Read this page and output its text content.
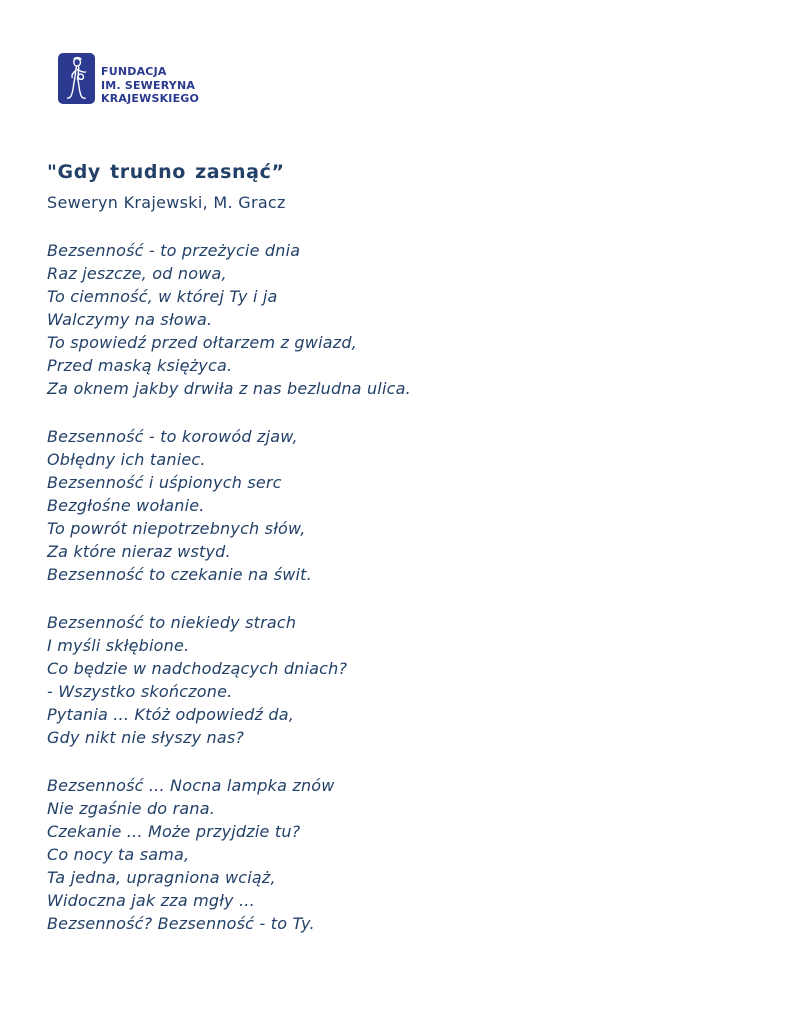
FUNDACJA
IM. SEWERYNA
KRAJEWSKIEGO
"Gdy trudno zasnąć”
Seweryn Krajewski, M. Gracz
Bezsenność - to przeżycie dnia
Raz jeszcze, od nowa,
To ciemność, w której Ty i ja
Walczymy na słowa.
To spowiedź przed ołtarzem z gwiazd,
Przed maską księżyca.
Za oknem jakby drwiła z nas bezludna ulica.
Bezsenność - to korowód zjaw,
Obłędny ich taniec.
Bezsenność i uśpionych serc
Bezgłośne wołanie.
To powrót niepotrzebnych słów,
Za które nieraz wstyd.
Bezsenność to czekanie na świt.
Bezsenność to niekiedy strach
I myśli skłębione.
Co będzie w nadchodzących dniach?
- Wszystko skończone.
Pytania ... Któż odpowiedź da,
Gdy nikt nie słyszy nas?
Bezsenność ... Nocna lampka znów
Nie zgaśnie do rana.
Czekanie ... Może przyjdzie tu?
Co nocy ta sama,
Ta jedna, upragniona wciąż,
Widoczna jak zza mgły ...
Bezsenność? Bezsenność - to Ty.
